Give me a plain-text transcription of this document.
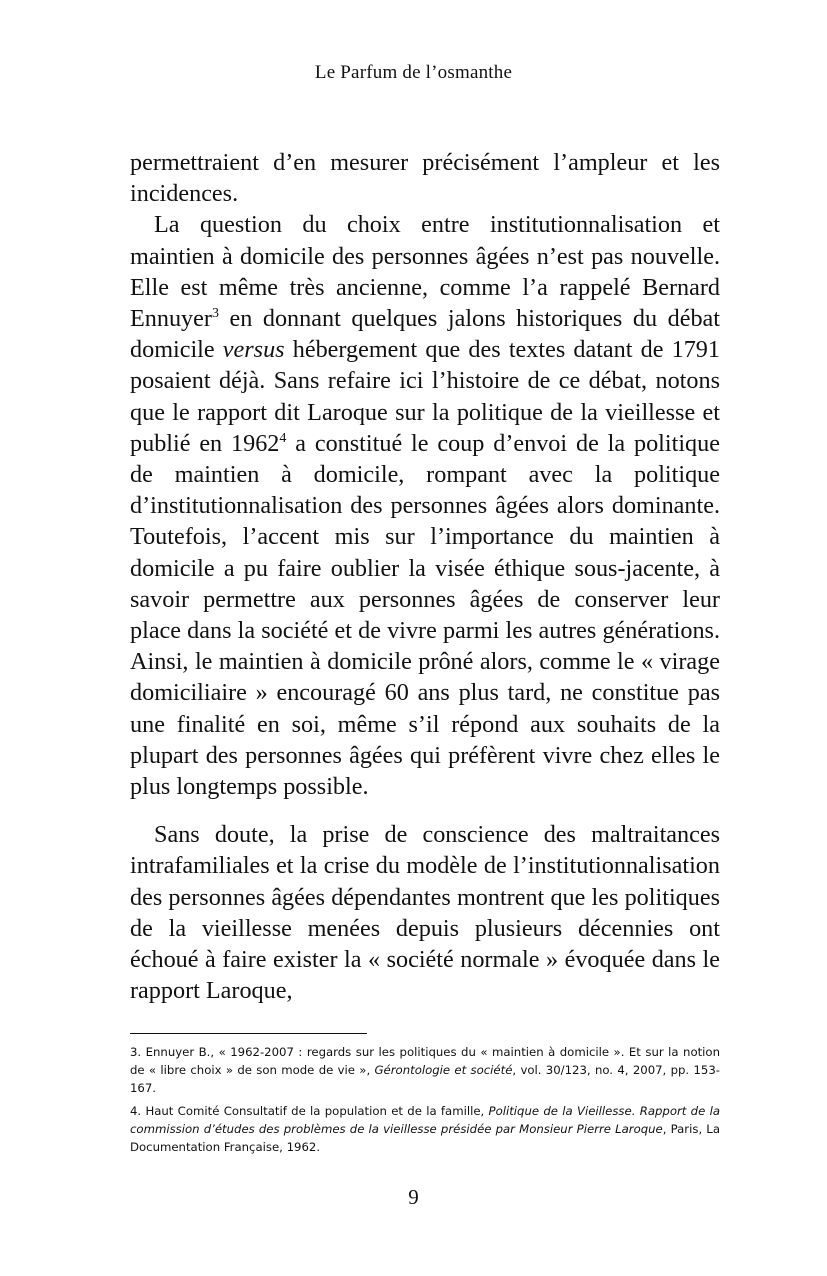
Le Parfum de l’osmanthe

permettraient d’en mesurer précisément l’ampleur et les incidences.

La question du choix entre institutionnalisation et maintien à domicile des personnes âgées n’est pas nouvelle. Elle est même très ancienne, comme l’a rappelé Bernard Ennuyer$^3$ en donnant quelques jalons historiques du débat domicile versus hébergement que des textes datant de 1791 posaient déjà. Sans refaire ici l’histoire de ce débat, notons que le rapport dit Laroque sur la politique de la vieillesse et publié en 1962$^4$ a constitué le coup d’envoi de la politique de maintien à domicile, rompant avec la politique d’institutionnalisation des personnes âgées alors dominante. Toutefois, l’accent mis sur l’importance du maintien à domicile a pu faire oublier la visée éthique sous-jacente, à savoir permettre aux personnes âgées de conserver leur place dans la société et de vivre parmi les autres générations. Ainsi, le maintien à domicile prôné alors, comme le « virage domiciliaire » encouragé 60 ans plus tard, ne constitue pas une finalité en soi, même s’il répond aux souhaits de la plupart des personnes âgées qui préfèrent vivre chez elles le plus longtemps possible.

Sans doute, la prise de conscience des maltraitances intrafamiliales et la crise du modèle de l’institutionnalisation des personnes âgées dépendantes montrent que les politiques de la vieillesse menées depuis plusieurs décennies ont échoué à faire exister la « société normale » évoquée dans le rapport Laroque,

3. Ennuyer B., « 1962-2007 : regards sur les politiques du « maintien à domicile ». Et sur la notion de « libre choix » de son mode de vie », Gérontologie et société, vol. 30/123, no. 4, 2007, pp. 153-167.

4. Haut Comité Consultatif de la population et de la famille, Politique de la Vieillesse. Rapport de la commission d’études des problèmes de la vieillesse présidée par Monsieur Pierre Laroque, Paris, La Documentation Française, 1962.

9
